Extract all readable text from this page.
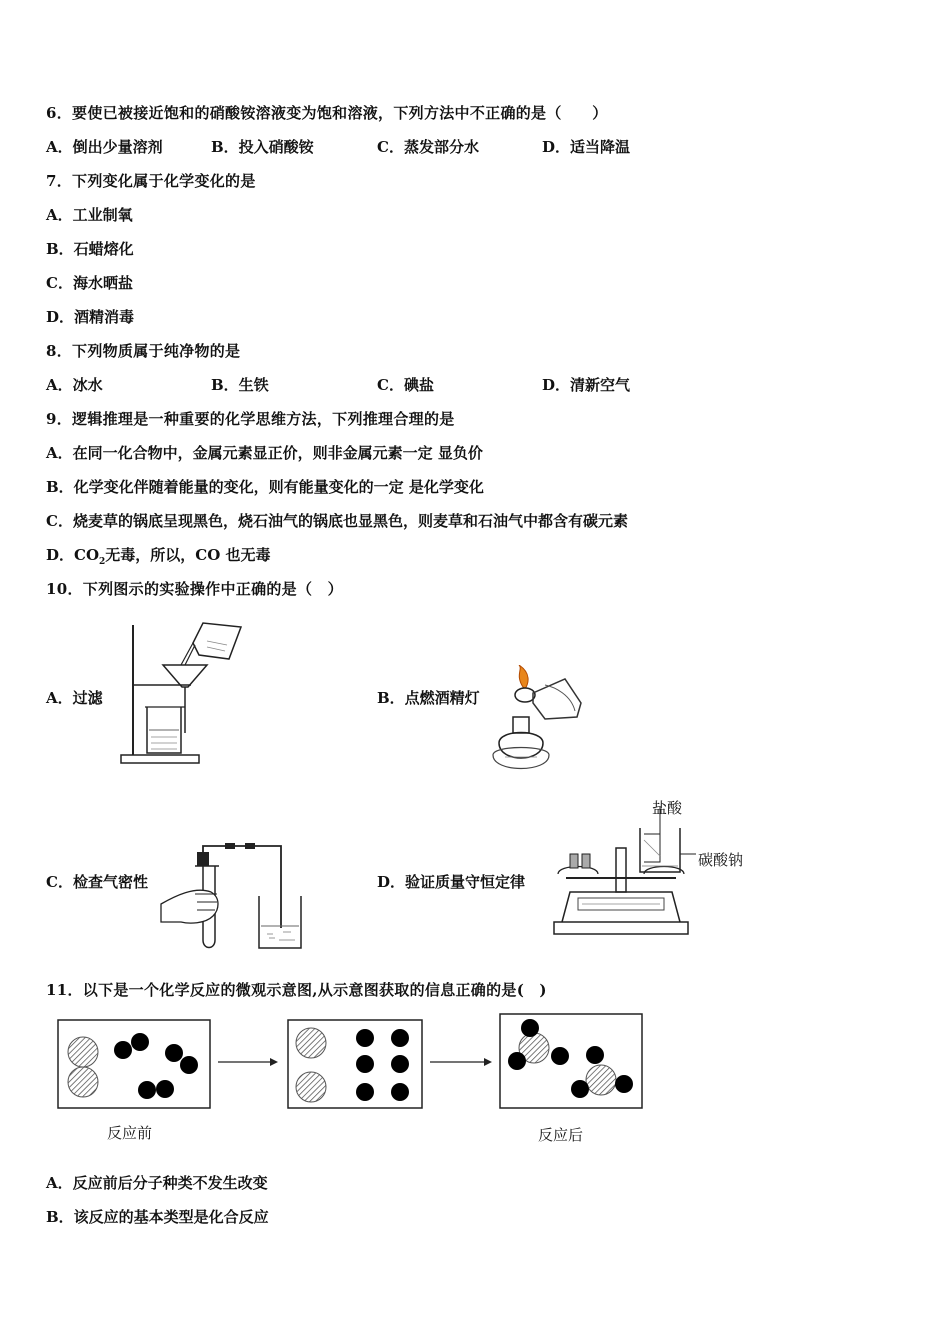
6．要使已被接近饱和的硝酸铵溶液变为饱和溶液，下列方法中不正确的是（　　）
A．倒出少量溶剂	B．投入硝酸铵	C．蒸发部分水	D．适当降温
7．下列变化属于化学变化的是
A．工业制氧
B．石蜡熔化
C．海水晒盐
D．酒精消毒
8．下列物质属于纯净物的是
A．冰水	B．生铁	C．碘盐	D．清新空气
9．逻辑推理是一种重要的化学思维方法，下列推理合理的是
A．在同一化合物中，金属元素显正价，则非金属元素一定 显负价
B．化学变化伴随着能量的变化，则有能量变化的一定 是化学变化
C．烧麦草的锅底呈现黑色，烧石油气的锅底也显黑色，则麦草和石油气中都含有碳元素
D．$CO_2$无毒，所以，CO 也无毒
10．下列图示的实验操作中正确的是（　）
A．过滤	B．点燃酒精灯
C．检查气密性	D．验证质量守恒定律
盐酸
碳酸钠
11．以下是一个化学反应的微观示意图,从示意图获取的信息正确的是(　)
反应前	反应后
A．反应前后分子种类不发生改变
B．该反应的基本类型是化合反应
